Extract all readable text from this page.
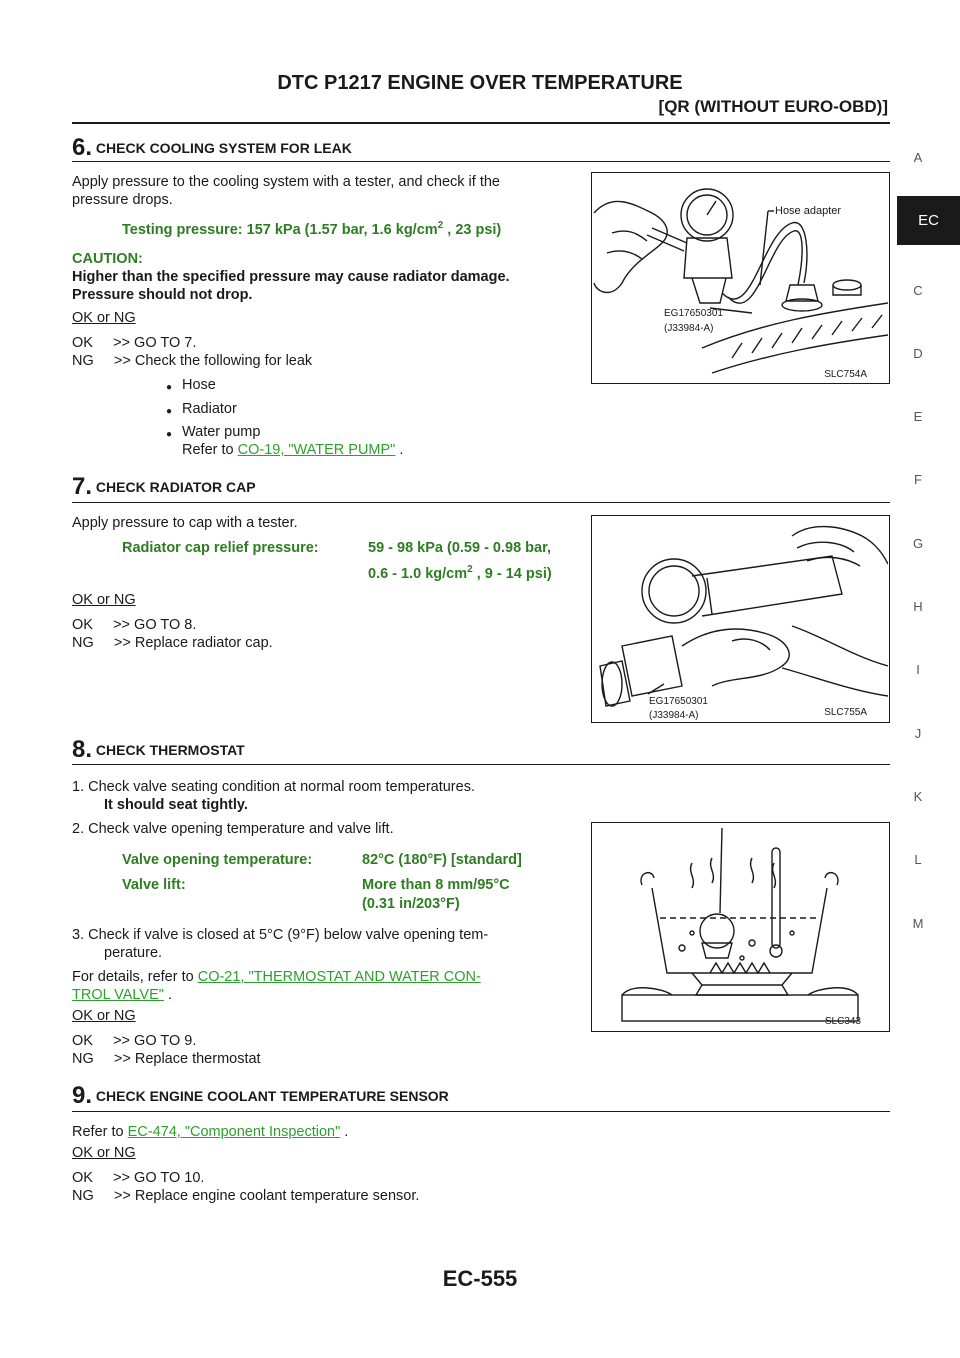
DTC P1217 ENGINE OVER TEMPERATURE
[QR (WITHOUT EURO-OBD)]
A
EC
C
D
E
F
G
H
I
J
K
L
M
6. CHECK COOLING SYSTEM FOR LEAK
Apply pressure to the cooling system with a tester, and check if the
pressure drops.
Testing pressure: 157 kPa (1.57 bar, 1.6 $kg/cm^2$ , 23 psi)
CAUTION:
Higher than the specified pressure may cause radiator damage.
Pressure should not drop.
OK or NG
OK     >> GO TO 7.
NG     >> Check the following for leak
● Hose
● Radiator
● Water pump
Refer to CO-19, "WATER PUMP" .
Hose adapter
EG17650301
(J33984-A)
SLC754A
7. CHECK RADIATOR CAP
Apply pressure to cap with a tester.
Radiator cap relief pressure:	59 - 98 kPa (0.59 - 0.98 bar,
0.6 - 1.0 $kg/cm^2$ , 9 - 14 psi)
OK or NG
OK     >> GO TO 8.
NG     >> Replace radiator cap.
EG17650301
(J33984-A)	SLC755A
8. CHECK THERMOSTAT
1. Check valve seating condition at normal room temperatures.
It should seat tightly.
2. Check valve opening temperature and valve lift.
Valve opening temperature:	82°C (180°F) [standard]
Valve lift:	More than 8 mm/95°C
(0.31 in/203°F)
3. Check if valve is closed at 5°C (9°F) below valve opening tem-
perature.
For details, refer to CO-21, "THERMOSTAT AND WATER CON-
TROL VALVE" .
OK or NG
OK     >> GO TO 9.
NG     >> Replace thermostat
SLC343
9. CHECK ENGINE COOLANT TEMPERATURE SENSOR
Refer to EC-474, "Component Inspection" .
OK or NG
OK     >> GO TO 10.
NG     >> Replace engine coolant temperature sensor.
EC-555
